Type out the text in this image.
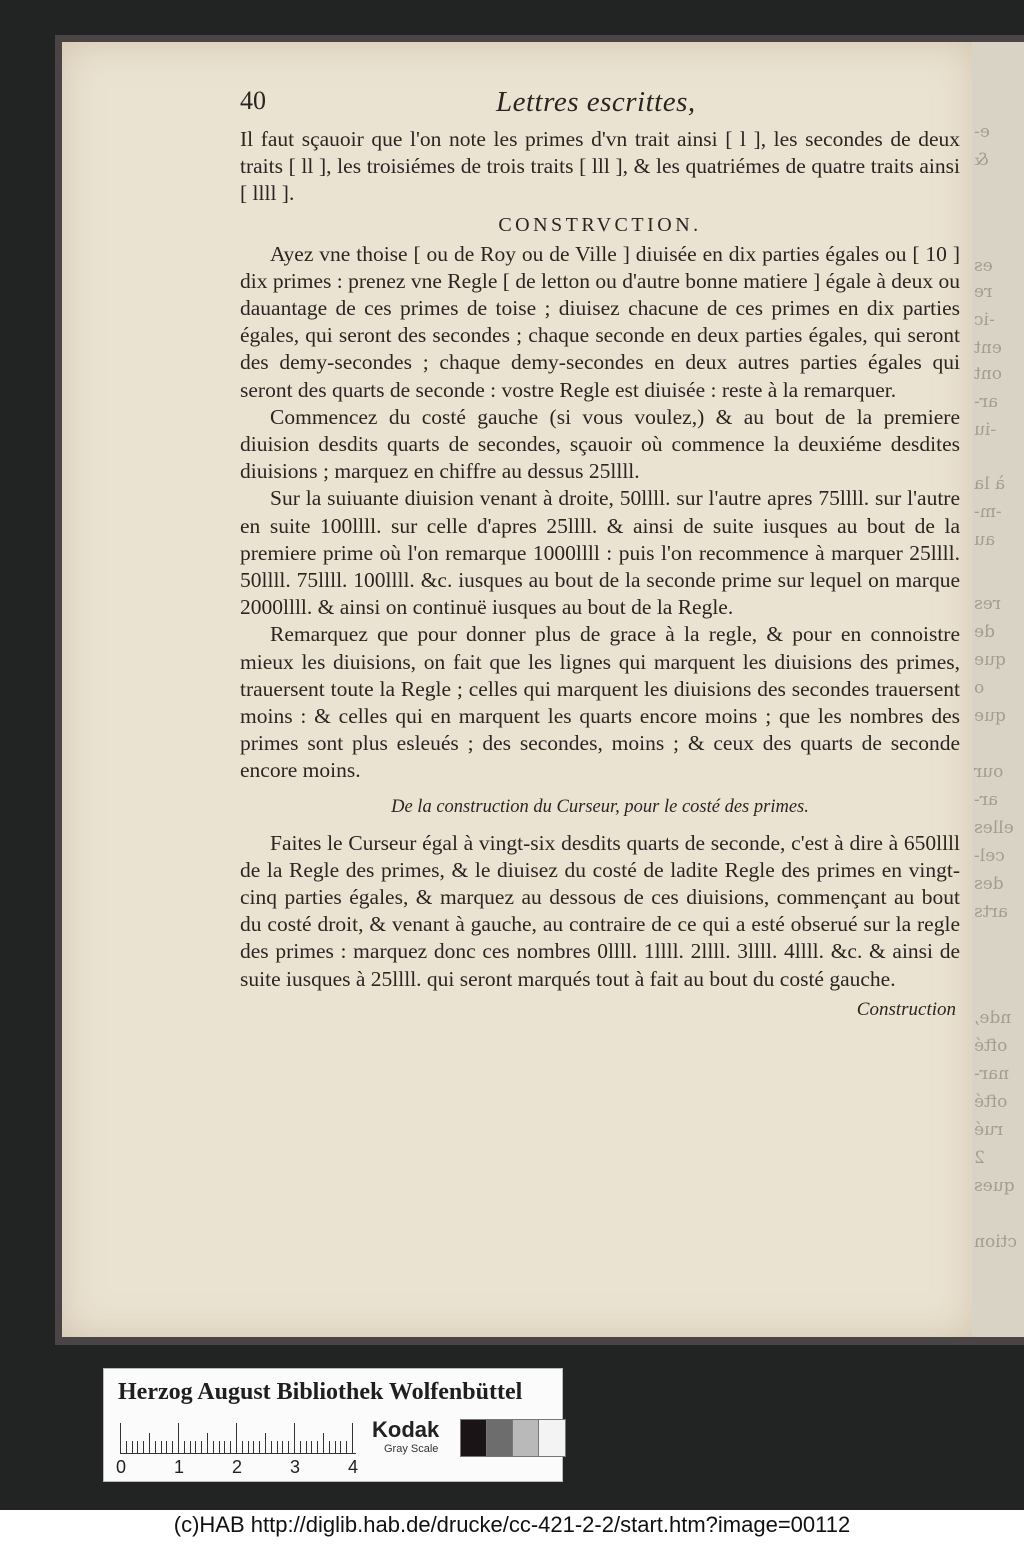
e-
&
es
re
-ic
ent
ont
ar-
-iu
à la
-m-
au
res
de
que
o
que
our
ar-
elles
cel-
des
arts
nde,
ofté
nar-
ofté
rué
2
ques
ction
40	Lettres escrittes,

Il faut sçauoir que l'on note les primes d'vn trait ainsi [ l ], les secondes de deux traits [ ll ], les troisiémes de trois traits [ lll ], & les quatriémes de quatre traits ainsi [ llll ].

CONSTRVCTION.

Ayez vne thoise [ ou de Roy ou de Ville ] diuisée en dix parties égales ou [ 10 ] dix primes : prenez vne Regle [ de letton ou d'autre bonne matiere ] égale à deux ou dauantage de ces primes de toise ; diuisez chacune de ces primes en dix parties égales, qui seront des secondes ; chaque seconde en deux parties égales, qui seront des demy-secondes ; chaque demy-secondes en deux autres parties égales qui seront des quarts de seconde : vostre Regle est diuisée : reste à la remarquer.

Commencez du costé gauche (si vous voulez,) & au bout de la premiere diuision desdits quarts de secondes, sçauoir où commence la deuxiéme desdites diuisions ; marquez en chiffre au dessus 25llll.

Sur la suiuante diuision venant à droite, 50llll. sur l'autre apres 75llll. sur l'autre en suite 100llll. sur celle d'apres 25llll. & ainsi de suite iusques au bout de la premiere prime où l'on remarque 1000llll : puis l'on recommence à marquer 25llll. 50llll. 75llll. 100llll. &c. iusques au bout de la seconde prime sur lequel on marque 2000llll. & ainsi on continuë iusques au bout de la Regle.

Remarquez que pour donner plus de grace à la regle, & pour en connoistre mieux les diuisions, on fait que les lignes qui marquent les diuisions des primes, trauersent toute la Regle ; celles qui marquent les diuisions des secondes trauersent moins : & celles qui en marquent les quarts encore moins ; que les nombres des primes sont plus esleués ; des secondes, moins ; & ceux des quarts de seconde encore moins.

De la construction du Curseur, pour le costé des primes.

Faites le Curseur égal à vingt-six desdits quarts de seconde, c'est à dire à 650llll de la Regle des primes, & le diuisez du costé de ladite Regle des primes en vingt-cinq parties égales, & marquez au dessous de ces diuisions, commençant au bout du costé droit, & venant à gauche, au contraire de ce qui a esté obserué sur la regle des primes : marquez donc ces nombres 0llll. 1llll. 2llll. 3llll. 4llll. &c. & ainsi de suite iusques à 25llll. qui seront marqués tout à fait au bout du costé gauche.

Construction
Herzog August Bibliothek Wolfenbüttel
0	1	2	3	4
Kodak
Gray Scale
(c)HAB http://diglib.hab.de/drucke/cc-421-2-2/start.htm?image=00112
